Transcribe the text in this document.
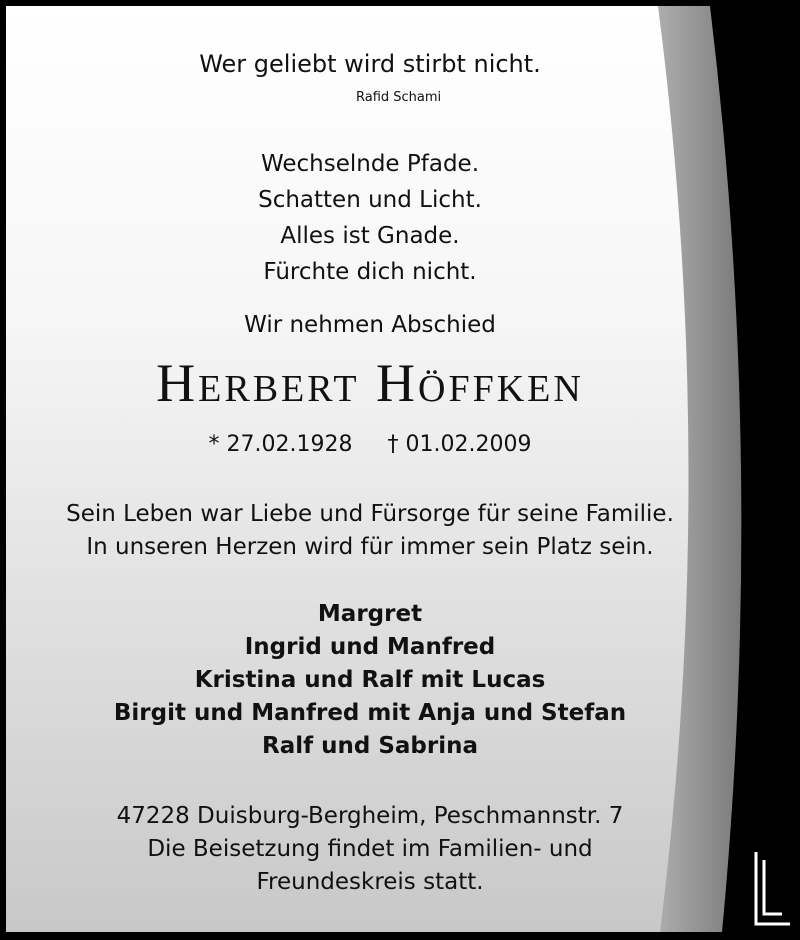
Wer geliebt wird stirbt nicht.
Rafid Schami
Wechselnde Pfade.
Schatten und Licht.
Alles ist Gnade.
Fürchte dich nicht.
Wir nehmen Abschied
Herbert Höffken
* 27.02.1928 † 01.02.2009
Sein Leben war Liebe und Fürsorge für seine Familie.
In unseren Herzen wird für immer sein Platz sein.
Margret
Ingrid und Manfred
Kristina und Ralf mit Lucas
Birgit und Manfred mit Anja und Stefan
Ralf und Sabrina
47228 Duisburg-Bergheim, Peschmannstr. 7
Die Beisetzung findet im Familien- und
Freundeskreis statt.
